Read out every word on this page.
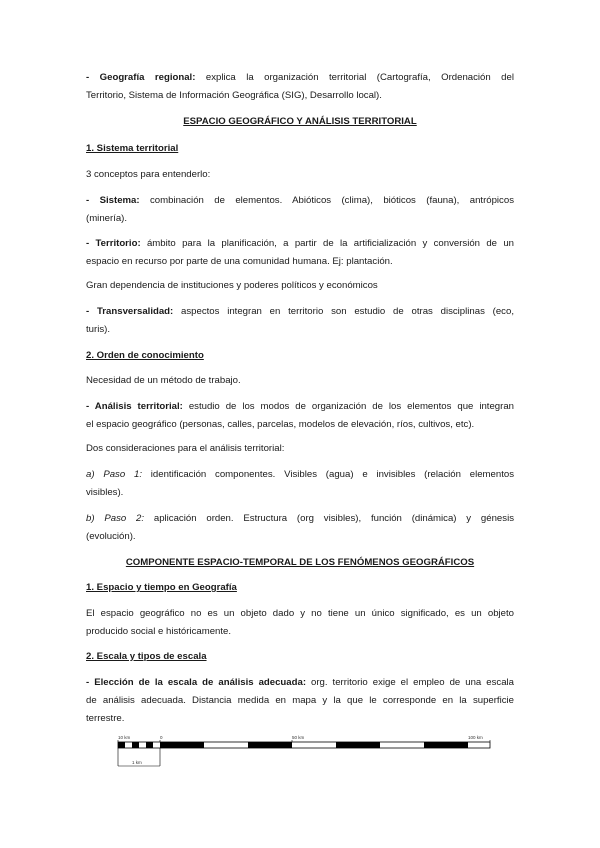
- Geografía regional: explica la organización territorial (Cartografía, Ordenación del
Territorio, Sistema de Información Geográfica (SIG), Desarrollo local).

ESPACIO GEOGRÁFICO Y ANÁLISIS TERRITORIAL

1. Sistema territorial

3 conceptos para entenderlo:

- Sistema: combinación de elementos. Abióticos (clima), bióticos (fauna), antrópicos
(minería).

- Territorio: ámbito para la planificación, a partir de la artificialización y conversión de un
espacio en recurso por parte de una comunidad humana. Ej: plantación.

Gran dependencia de instituciones y poderes políticos y económicos

- Transversalidad: aspectos integran en territorio son estudio de otras disciplinas (eco,
turis).

2. Orden de conocimiento

Necesidad de un método de trabajo.

- Análisis territorial: estudio de los modos de organización de los elementos que integran
el espacio geográfico (personas, calles, parcelas, modelos de elevación, ríos, cultivos, etc).

Dos consideraciones para el análisis territorial:

a) Paso 1: identificación componentes. Visibles (agua) e invisibles (relación elementos
visibles).

b) Paso 2: aplicación orden. Estructura (org visibles), función (dinámica) y génesis
(evolución).

COMPONENTE ESPACIO-TEMPORAL DE LOS FENÓMENOS GEOGRÁFICOS

1. Espacio y tiempo en Geografía

El espacio geográfico no es un objeto dado y no tiene un único significado, es un objeto
producido social e históricamente.

2. Escala y tipos de escala

- Elección de la escala de análisis adecuada: org. territorio exige el empleo de una escala
de análisis adecuada. Distancia medida en mapa y la que le corresponde en la superficie
terrestre.

10 km	0	50 km	100 km
1 km
